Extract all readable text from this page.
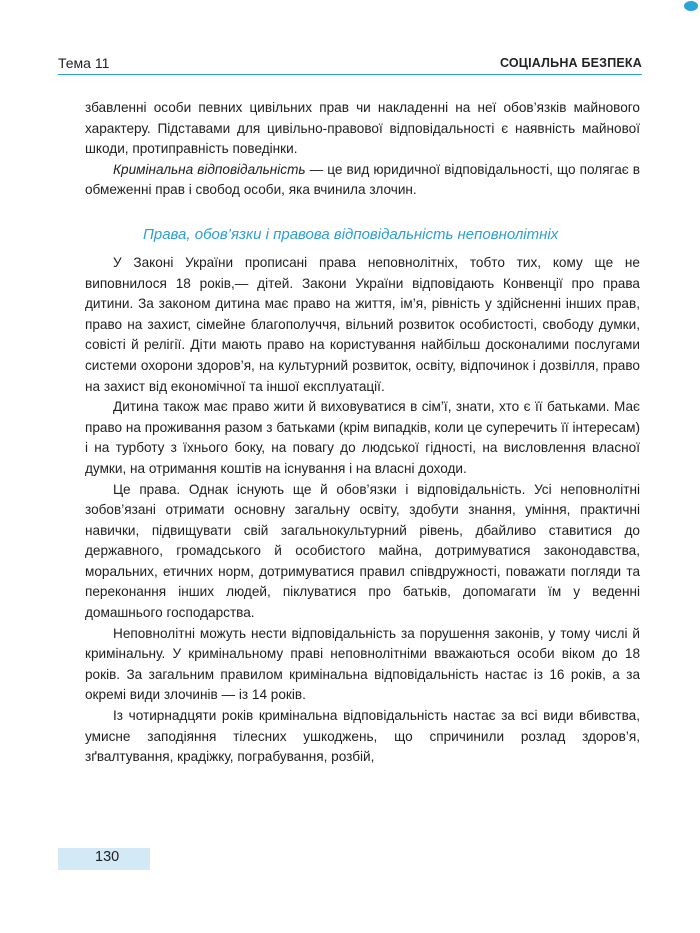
Тема 11	СОЦІАЛЬНА БЕЗПЕКА

збавленні особи певних цивільних прав чи накладенні на неї обов’язків майнового характеру. Підставами для цивільно-правової відповідальності є наявність майнової шкоди, протиправність поведінки.

Кримінальна відповідальність — це вид юридичної відповідальності, що полягає в обмеженні прав і свобод особи, яка вчинила злочин.

Права, обов’язки і правова відповідальність неповнолітніх

У Законі України прописані права неповнолітніх, тобто тих, кому ще не виповнилося 18 років,— дітей. Закони України відповідають Конвенції про права дитини. За законом дитина має право на життя, ім’я, рівність у здійсненні інших прав, право на захист, сімейне благополуччя, вільний розвиток особистості, свободу думки, совісті й релігії. Діти мають право на користування найбільш досконалими послугами системи охорони здоров’я, на культурний розвиток, освіту, відпочинок і дозвілля, право на захист від економічної та іншої експлуатації.

Дитина також має право жити й виховуватися в сім’ї, знати, хто є її батьками. Має право на проживання разом з батьками (крім випадків, коли це суперечить її інтересам) і на турботу з їхнього боку, на повагу до людської гідності, на висловлення власної думки, на отримання коштів на існування і на власні доходи.

Це права. Однак існують ще й обов’язки і відповідальність. Усі неповнолітні зобов’язані отримати основну загальну освіту, здобути знання, уміння, практичні навички, підвищувати свій загальнокультурний рівень, дбайливо ставитися до державного, громадського й особистого майна, дотримуватися законодавства, моральних, етичних норм, дотримуватися правил співдружності, поважати погляди та переконання інших людей, піклуватися про батьків, допомагати їм у веденні домашнього господарства.

Неповнолітні можуть нести відповідальність за порушення законів, у тому числі й кримінальну. У кримінальному праві неповнолітніми вважаються особи віком до 18 років. За загальним правилом кримінальна відповідальність настає із 16 років, а за окремі види злочинів — із 14 років.

Із чотирнадцяти років кримінальна відповідальність настає за всі види вбивства, умисне заподіяння тілесних ушкоджень, що спричинили розлад здоров’я, зґвалтування, крадіжку, пограбування, розбій,

130
